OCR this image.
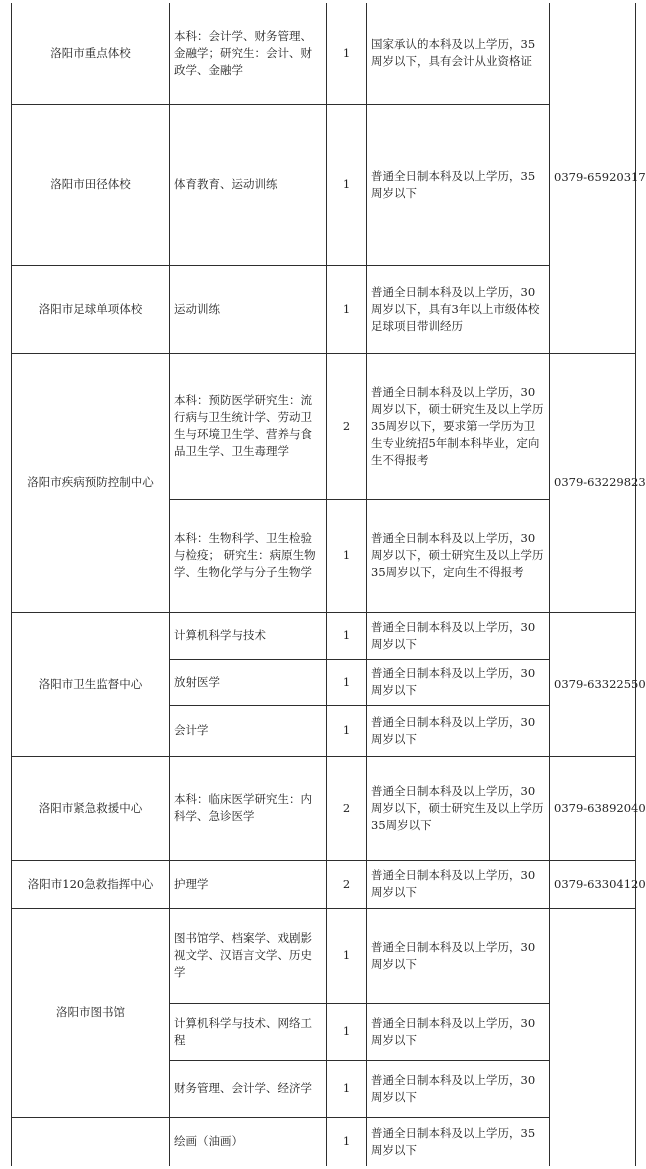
洛阳市重点体校	本科：会计学、财务管理、金融学；研究生：会计、财政学、金融学	1	国家承认的本科及以上学历，35周岁以下，具有会计从业资格证	0379-65920317
洛阳市田径体校	体育教育、运动训练	1	普通全日制本科及以上学历，35周岁以下	
洛阳市足球单项体校	运动训练	1	普通全日制本科及以上学历，30周岁以下，具有3年以上市级体校足球项目带训经历	
洛阳市疾病预防控制中心	本科：预防医学研究生：流行病与卫生统计学、劳动卫生与环境卫生学、营养与食品卫生学、卫生毒理学	2	普通全日制本科及以上学历，30周岁以下，硕士研究生及以上学历35周岁以下，要求第一学历为卫生专业统招5年制本科毕业，定向生不得报考	0379-63229823
	本科：生物科学、卫生检验与检疫； 研究生：病原生物学、生物化学与分子生物学	1	普通全日制本科及以上学历，30周岁以下，硕士研究生及以上学历35周岁以下，定向生不得报考	
洛阳市卫生监督中心	计算机科学与技术	1	普通全日制本科及以上学历，30周岁以下	0379-63322550
	放射医学	1	普通全日制本科及以上学历，30周岁以下	
	会计学	1	普通全日制本科及以上学历，30周岁以下	
洛阳市紧急救援中心	本科：临床医学研究生：内科学、急诊医学	2	普通全日制本科及以上学历，30周岁以下，硕士研究生及以上学历35周岁以下	0379-63892040
洛阳市120急救指挥中心	护理学	2	普通全日制本科及以上学历，30周岁以下	0379-63304120
洛阳市图书馆	图书馆学、档案学、戏剧影视文学、汉语言文学、历史学	1	普通全日制本科及以上学历，30周岁以下	
	计算机科学与技术、网络工程	1	普通全日制本科及以上学历，30周岁以下	
	财务管理、会计学、经济学	1	普通全日制本科及以上学历，30周岁以下	
	绘画（油画）	1	普通全日制本科及以上学历，35周岁以下	
